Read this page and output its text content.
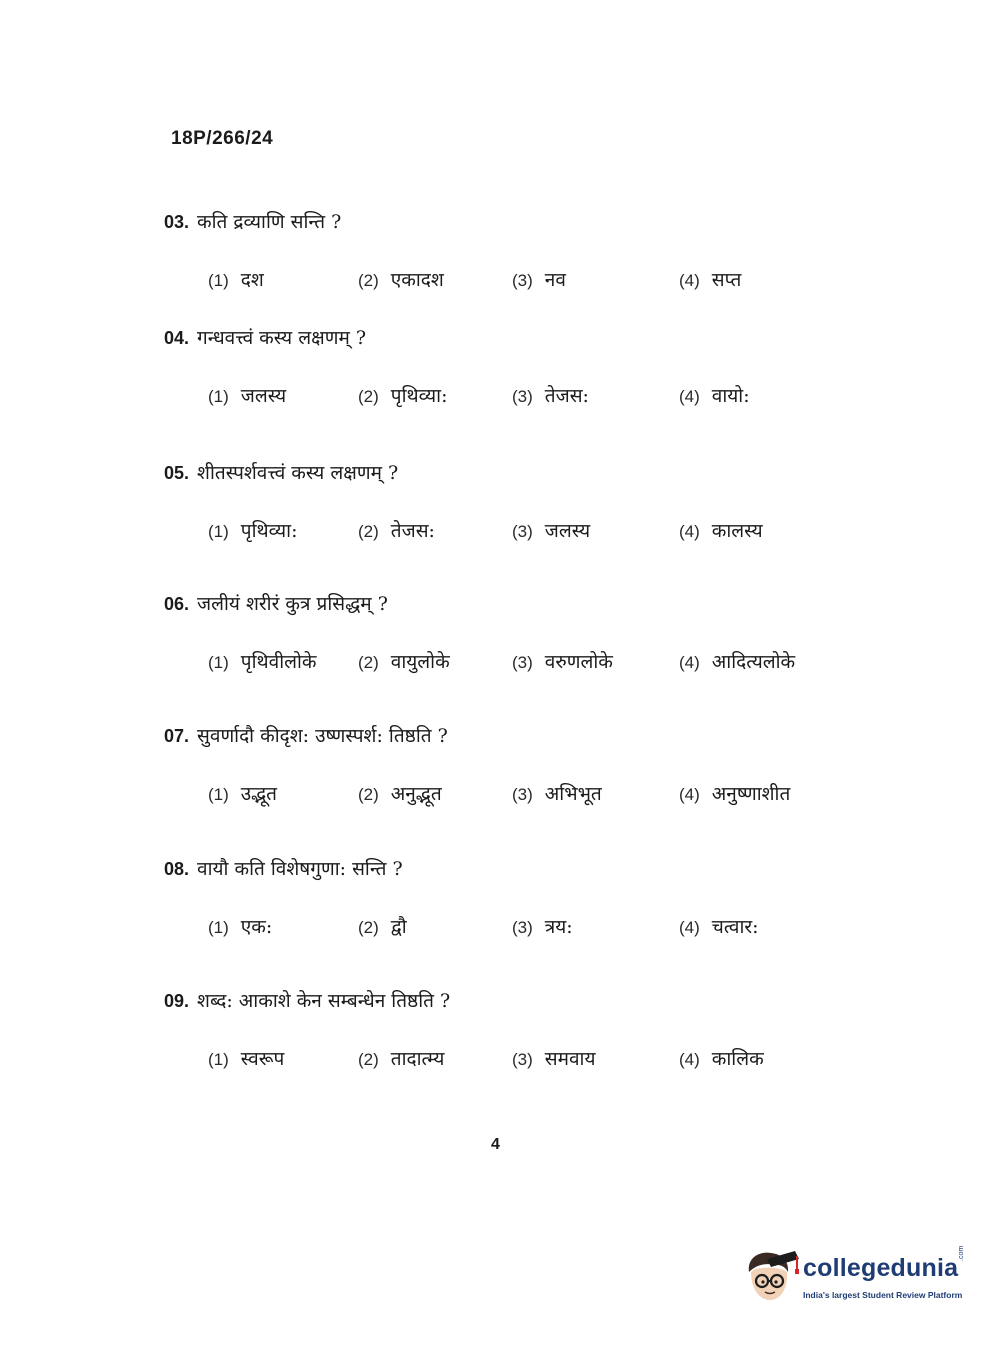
18P/266/24
03. कति द्रव्याणि सन्ति ?
(1) दश	(2) एकादश	(3) नव	(4) सप्त
04. गन्धवत्त्वं कस्य लक्षणम् ?
(1) जलस्य	(2) पृथिव्या:	(3) तेजस:	(4) वायो:
05. शीतस्पर्शवत्त्वं कस्य लक्षणम् ?
(1) पृथिव्या:	(2) तेजस:	(3) जलस्य	(4) कालस्य
06. जलीयं शरीरं कुत्र प्रसिद्धम् ?
(1) पृथिवीलोके (2) वायुलोके	(3) वरुणलोके	(4) आदित्यलोके
07. सुवर्णादौ कीदृश: उष्णस्पर्श: तिष्ठति ?
(1) उद्भूत	(2) अनुद्भूत	(3) अभिभूत	(4) अनुष्णाशीत
08. वायौ कति विशेषगुणा: सन्ति ?
(1) एक:	(2) द्वौ	(3) त्रय:	(4) चत्वार:
09. शब्द: आकाशे केन सम्बन्धेन तिष्ठति ?
(1) स्वरूप	(2) तादात्म्य	(3) समवाय	(4) कालिक
4
collegedunia
.com
India's largest Student Review Platform
